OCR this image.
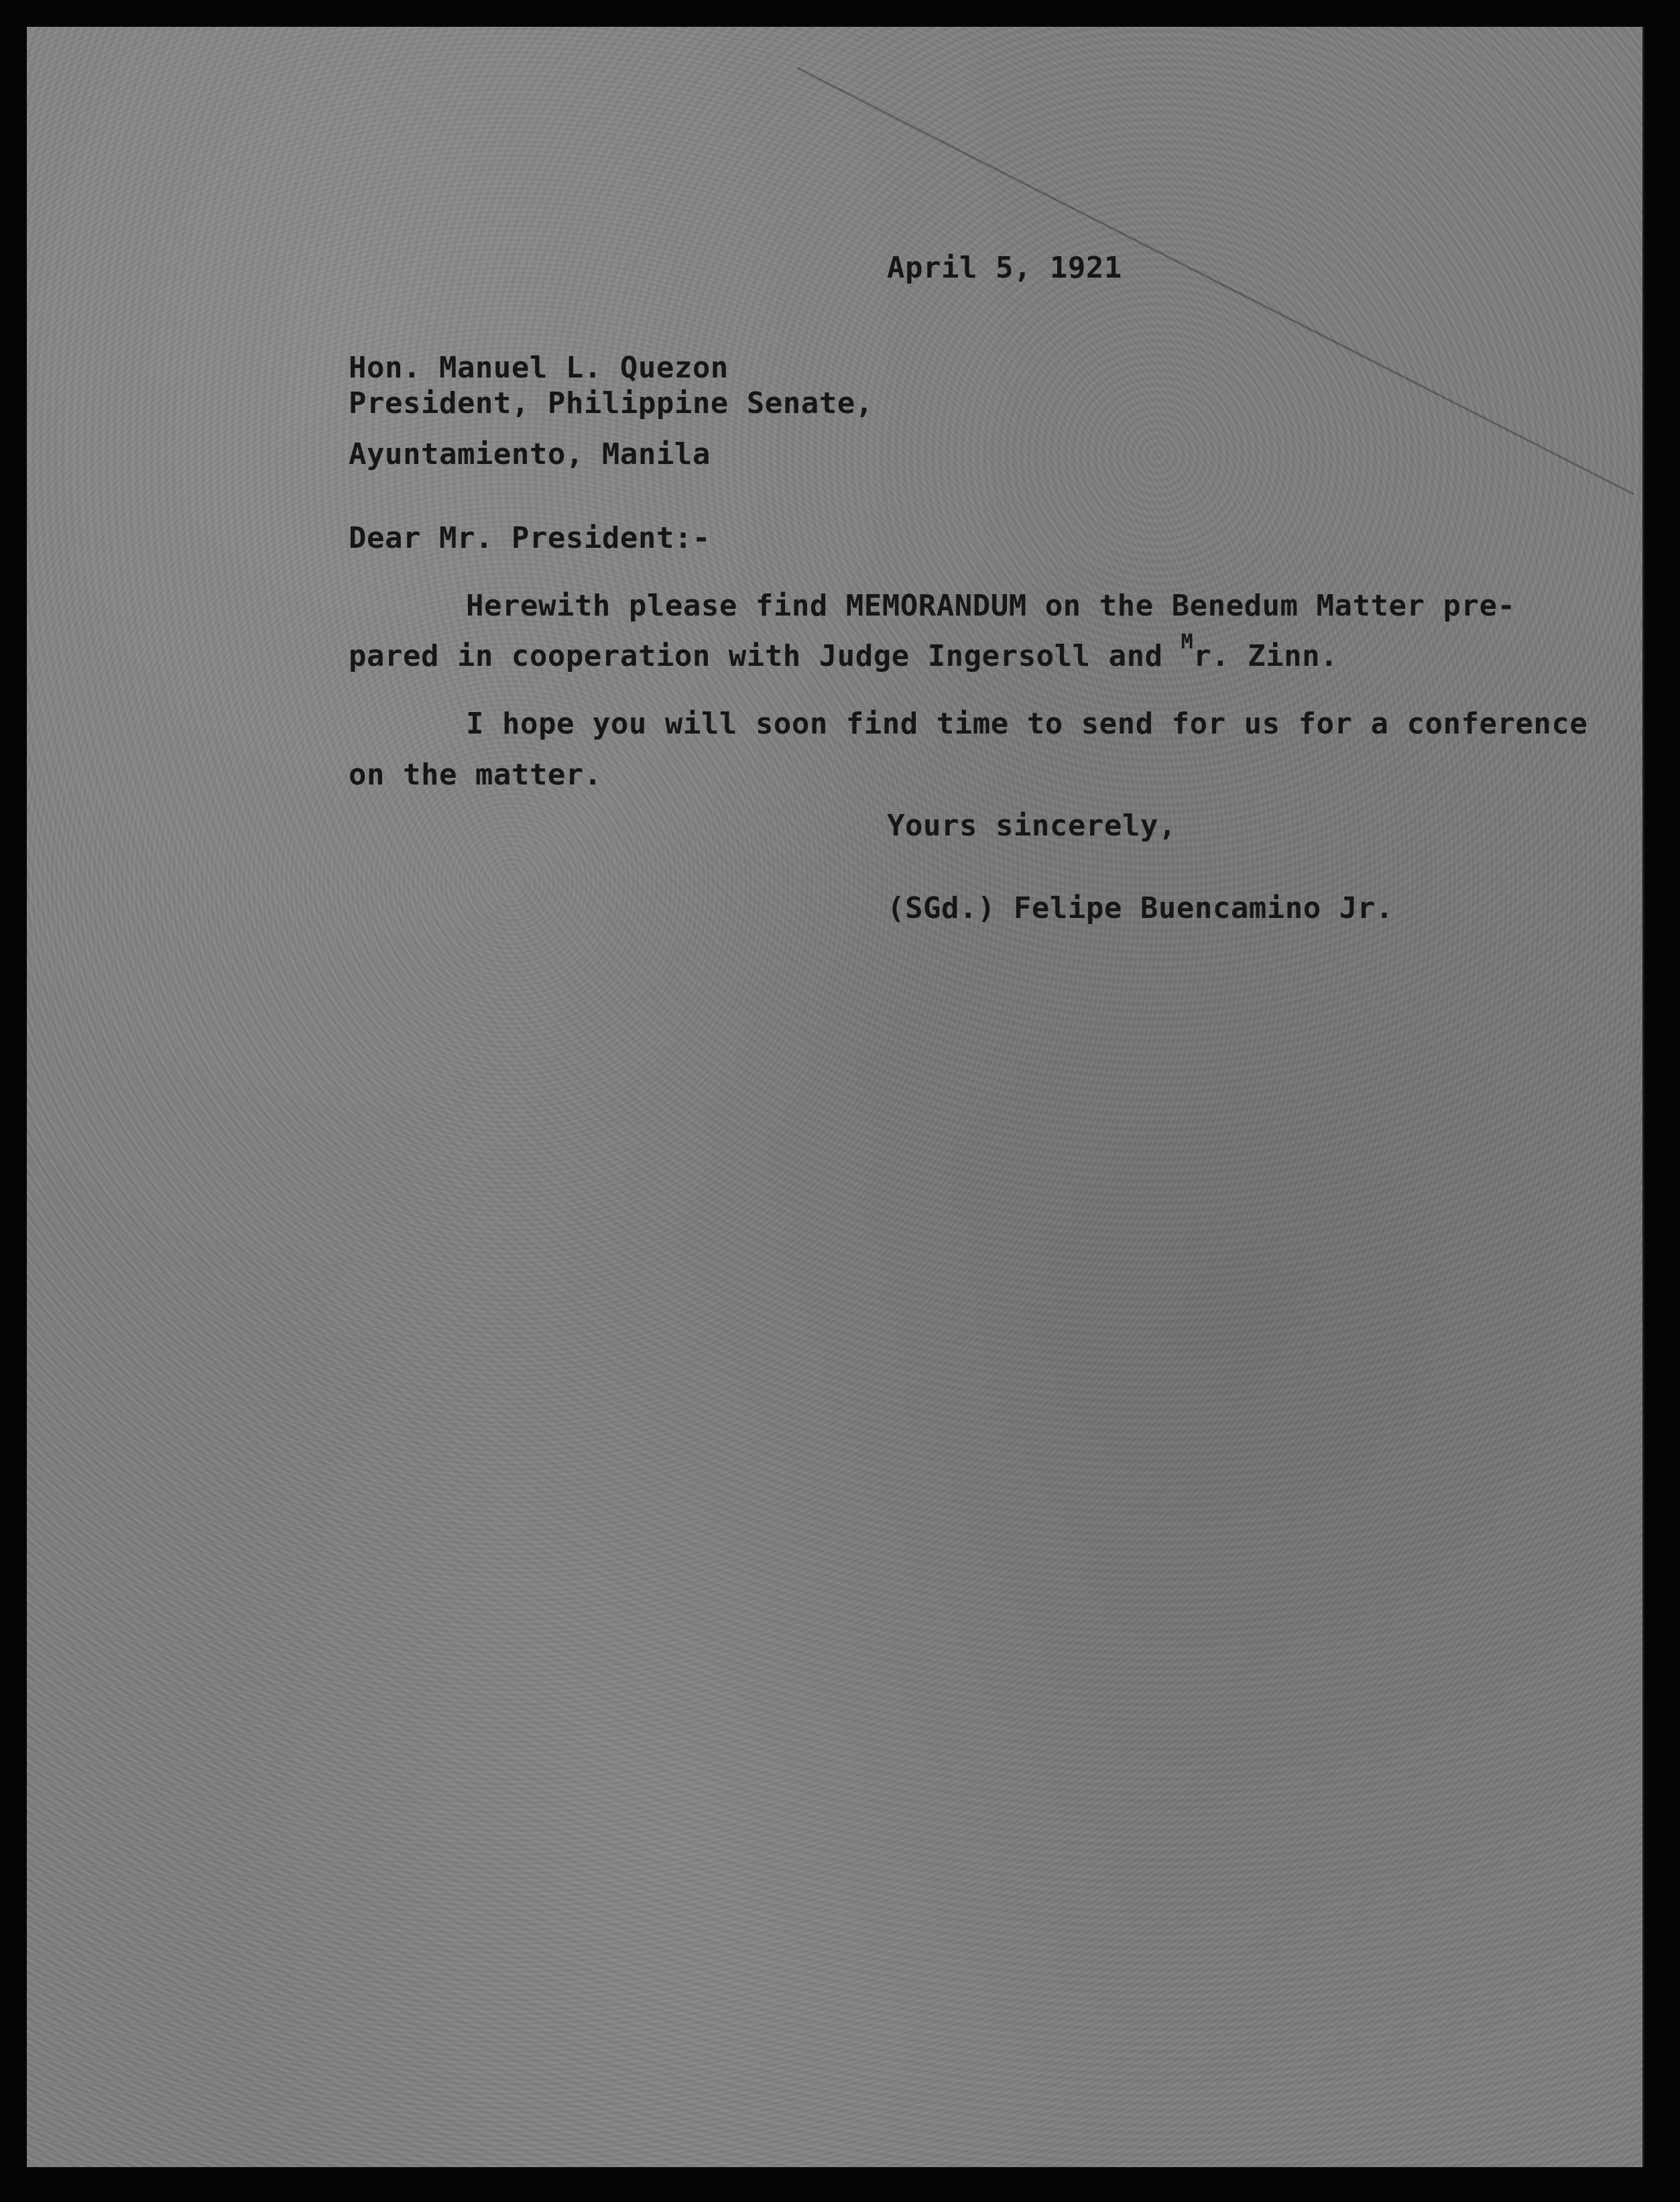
April 5, 1921

Hon. Manuel L. Quezon

President, Philippine Senate,

Ayuntamiento, Manila

Dear Mr. President:-

Herewith please find MEMORANDUM on the Benedum Matter pre-

pared in cooperation with Judge Ingersoll and $^M$r. Zinn.

I hope you will soon find time to send for us for a conference

on the matter.

Yours sincerely,

(SGd.) Felipe Buencamino Jr.
